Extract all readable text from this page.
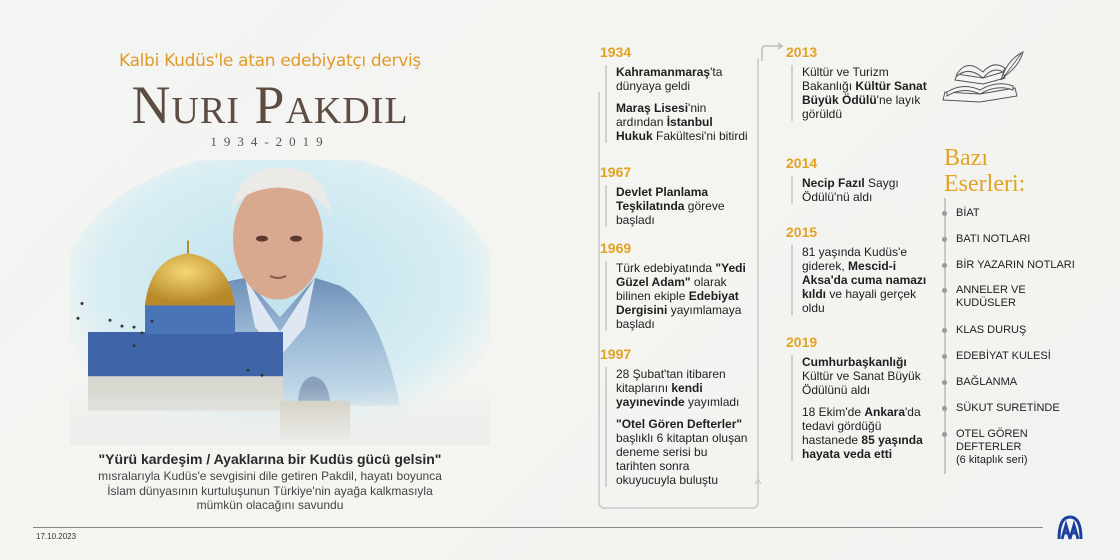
Kalbi Kudüs'le atan edebiyatçı derviş
Nuri Pakdil
1934-2019
"Yürü kardeşim / Ayaklarına bir Kudüs gücü gelsin"
mısralarıyla Kudüs'e sevgisini dile getiren Pakdil, hayatı boyunca İslam dünyasının kurtuluşunun Türkiye'nin ayağa kalkmasıyla mümkün olacağını savundu
1934

Kahramanmaraş'ta dünyaya geldi

Maraş Lisesi'nin ardından İstanbul Hukuk Fakültesi'ni bitirdi

1967

Devlet Planlama Teşkilatında göreve başladı

1969

Türk edebiyatında "Yedi Güzel Adam" olarak bilinen ekiple Edebiyat Dergisini yayımlamaya başladı

1997

28 Şubat'tan itibaren kitaplarını kendi yayınevinde yayımladı

"Otel Gören Defterler" başlıklı 6 kitaptan oluşan deneme serisi bu tarihten sonra okuyucuyla buluştu

2013

Kültür ve Turizm Bakanlığı Kültür Sanat Büyük Ödülü'ne layık görüldü

2014

Necip Fazıl Saygı Ödülü'nü aldı

2015

81 yaşında Kudüs'e giderek, Mescid-i Aksa'da cuma namazı kıldı ve hayali gerçek oldu

2019

Cumhurbaşkanlığı Kültür ve Sanat Büyük Ödülünü aldı

18 Ekim'de Ankara'da tedavi gördüğü hastanede 85 yaşında hayata veda etti

Bazı
Eserleri:
BİAT
BATI NOTLARI
BİR YAZARIN NOTLARI
ANNELER VE KUDÜSLER
KLAS DURUŞ
EDEBİYAT KULESİ
BAĞLANMA
SÜKUT SURETİNDE
OTEL GÖREN DEFTERLER
(6 kitaplık seri)
17.10.2023
